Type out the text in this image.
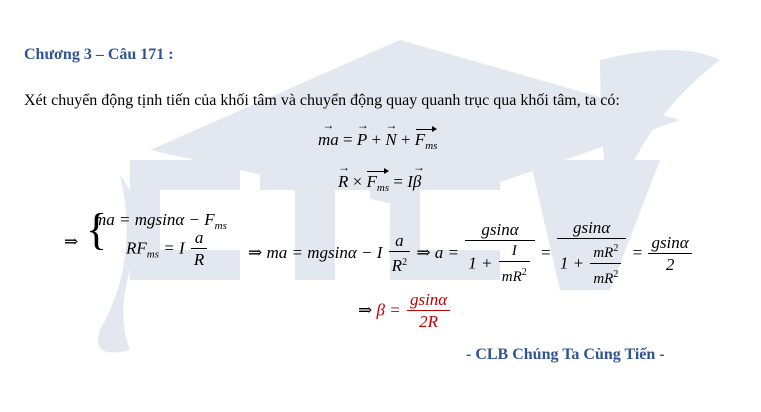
Chương 3 – Câu 171 :
Xét chuyển động tịnh tiến của khối tâm và chuyển động quay quanh trục qua khối tâm, ta có:
→ ma = → P + → $N + F_{ms}$
→ $R \times F_{ms} = I\to \beta$
⇒ {
ma = $mgsin\alpha - F_{ms}$
$RF_{ms} = I \frac{a}{R}$ ⇒ ma = mgsinα − I $\frac{a}{R^2}$ ⇒ $a = \frac{gsin\alpha}{1 + \frac{I}{mR^2}} = \frac{gsin\alpha}{1 + \frac{mR^2}{mR^2}} = \frac{gsin\alpha}{2}$
⇒ $\beta = \frac{gsin\alpha}{2R}$
- CLB Chúng Ta Cùng Tiến -
